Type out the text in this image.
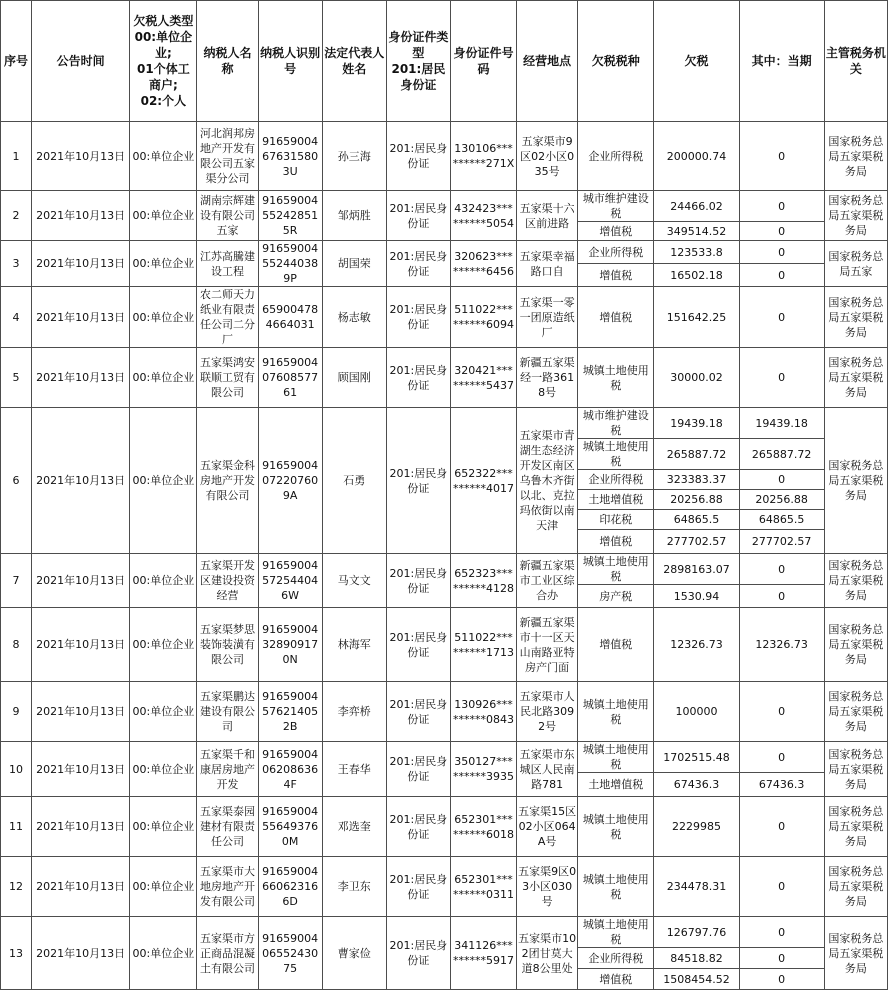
序号	公告时间	欠税人类型
00:单位企业;
01个体工商户;
02:个人	纳税人名称	纳税人识别号	法定代表人姓名	身份证件类型
201:居民身份证	身份证件号码	经营地点	欠税税种	欠税	其中：当期	主管税务机关
1	2021年10月13日	00:单位企业	河北润邦房地产开发有限公司五家渠分公司	91659004676315803U	孙三海	201:居民身份证	130106*********271X	五家渠市9区02小区035号	企业所得税	200000.74	0	国家税务总局五家渠税务局
2	2021年10月13日	00:单位企业	湖南宗辉建设有限公司五家	91659004552428515R	邹炳胜	201:居民身份证	432423*********5054	五家渠十六区前进路	城市维护建设税	24466.02	0	国家税务总局五家渠税务局
									增值税	349514.52	0	
3	2021年10月13日	00:单位企业	江苏高騰建设工程	91659004552440389P	胡国荣	201:居民身份证	320623*********6456	五家渠幸福路口自	企业所得税	123533.8	0	国家税务总局五家
									增值税	16502.18	0	
4	2021年10月13日	00:单位企业	农二师天力纸业有限责任公司二分厂	659004784664031	杨志敏	201:居民身份证	511022*********6094	五家渠一零一团原造纸厂	增值税	151642.25	0	国家税务总局五家渠税务局
5	2021年10月13日	00:单位企业	五家渠鸿安联顺工贸有限公司	916590040760857761	顾国刚	201:居民身份证	320421*********5437	新疆五家渠经一路3618号	城镇土地使用税	30000.02	0	国家税务总局五家渠税务局
6	2021年10月13日	00:单位企业	五家渠金科房地产开发有限公司	91659004072207609A	石勇	201:居民身份证	652322*********4017	五家渠市青湖生态经济开发区南区乌鲁木齐街以北、克拉玛依街以南天津	城市维护建设税	19439.18	19439.18	国家税务总局五家渠税务局
									城镇土地使用税	265887.72	265887.72	
									企业所得税	323383.37	0	
									土地增值税	20256.88	20256.88	
									印花税	64865.5	64865.5	
									增值税	277702.57	277702.57	
7	2021年10月13日	00:单位企业	五家渠开发区建设投资经营	91659004572544046W	马文文	201:居民身份证	652323*********4128	新疆五家渠市工业区综合办	城镇土地使用税	2898163.07	0	国家税务总局五家渠税务局
									房产税	1530.94	0	
8	2021年10月13日	00:单位企业	五家渠梦思装饰装潢有限公司	91659004328909170N	林海军	201:居民身份证	511022*********1713	新疆五家渠市十一区天山南路亚特房产门面	增值税	12326.73	12326.73	国家税务总局五家渠税务局
9	2021年10月13日	00:单位企业	五家渠鹏达建设有限公司	91659004576214052B	李弈桥	201:居民身份证	130926*********0843	五家渠市人民北路3092号	城镇土地使用税	100000	0	国家税务总局五家渠税务局
10	2021年10月13日	00:单位企业	五家渠千和康居房地产开发	91659004062086364F	王春华	201:居民身份证	350127*********3935	五家渠市东城区人民南路781	城镇土地使用税	1702515.48	0	国家税务总局五家渠税务局
									土地增值税	67436.3	67436.3	
11	2021年10月13日	00:单位企业	五家渠泰园建材有限责任公司	91659004556493760M	邓选奎	201:居民身份证	652301*********6018	五家渠15区02小区064A号	城镇土地使用税	2229985	0	国家税务总局五家渠税务局
12	2021年10月13日	00:单位企业	五家渠市大地房地产开发有限公司	91659004660623166D	李卫东	201:居民身份证	652301*********0311	五家渠9区03小区030号	城镇土地使用税	234478.31	0	国家税务总局五家渠税务局
13	2021年10月13日	00:单位企业	五家渠市方正商品混凝土有限公司	916590040655243075	曹家俭	201:居民身份证	341126*********5917	五家渠市102团甘莫大道8公里处	城镇土地使用税	126797.76	0	国家税务总局五家渠税务局
									企业所得税	84518.82	0	
									增值税	1508454.52	0	
